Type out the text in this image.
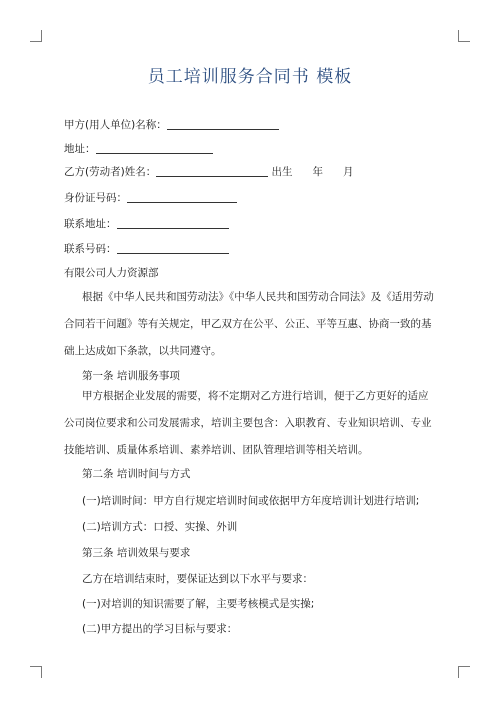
员工培训服务合同书 模板
甲方(用人单位)名称：
地址：
乙方(劳动者)姓名：	出生 年 月
身份证号码：
联系地址：
联系号码：
有限公司人力资源部
根据《中华人民共和国劳动法》《中华人民共和国劳动合同法》及《适用劳动合同若干问题》等有关规定，甲乙双方在公平、公正、平等互惠、协商一致的基础上达成如下条款，以共同遵守。
第一条 培训服务事项
甲方根据企业发展的需要，将不定期对乙方进行培训，便于乙方更好的适应公司岗位要求和公司发展需求，培训主要包含：入职教育、专业知识培训、专业技能培训、质量体系培训、素养培训、团队管理培训等相关培训。
第二条 培训时间与方式
(一)培训时间：甲方自行规定培训时间或依据甲方年度培训计划进行培训;
(二)培训方式：口授、实操、外训
第三条 培训效果与要求
乙方在培训结束时，要保证达到以下水平与要求：
(一)对培训的知识需要了解，主要考核模式是实操;
(二)甲方提出的学习目标与要求：
